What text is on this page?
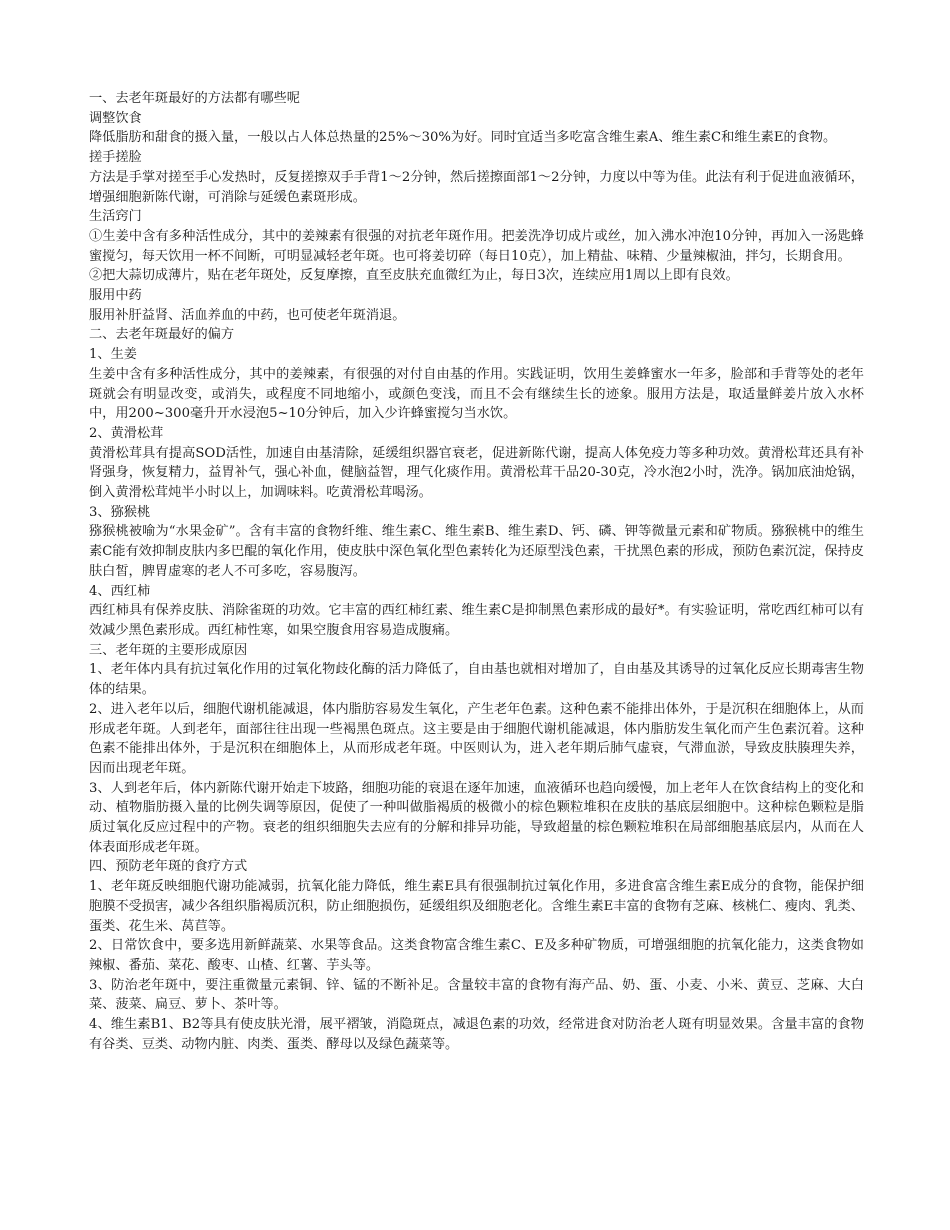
一、去老年斑最好的方法都有哪些呢

调整饮食

降低脂肪和甜食的摄入量，一般以占人体总热量的25%～30%为好。同时宜适当多吃富含维生素A、维生素C和维生素E的食物。

搓手搓脸

方法是手掌对搓至手心发热时，反复搓擦双手手背1～2分钟，然后搓擦面部1～2分钟，力度以中等为佳。此法有利于促进血液循环，增强细胞新陈代谢，可消除与延缓色素斑形成。

生活窍门

①生姜中含有多种活性成分，其中的姜辣素有很强的对抗老年斑作用。把姜洗净切成片或丝，加入沸水冲泡10分钟，再加入一汤匙蜂蜜搅匀，每天饮用一杯不间断，可明显减轻老年斑。也可将姜切碎（每日10克），加上精盐、味精、少量辣椒油，拌匀，长期食用。

②把大蒜切成薄片，贴在老年斑处，反复摩擦，直至皮肤充血微红为止，每日3次，连续应用1周以上即有良效。

服用中药

服用补肝益肾、活血养血的中药，也可使老年斑消退。

二、去老年斑最好的偏方

1、生姜

生姜中含有多种活性成分，其中的姜辣素，有很强的对付自由基的作用。实践证明，饮用生姜蜂蜜水一年多，脸部和手背等处的老年斑就会有明显改变，或消失，或程度不同地缩小，或颜色变浅，而且不会有继续生长的迹象。服用方法是，取适量鲜姜片放入水杯中，用200~300毫升开水浸泡5~10分钟后，加入少许蜂蜜搅匀当水饮。

2、黄滑松茸

黄滑松茸具有提高SOD活性，加速自由基清除，延缓组织器官衰老，促进新陈代谢，提高人体免疫力等多种功效。黄滑松茸还具有补肾强身，恢复精力，益胃补气，强心补血，健脑益智，理气化痰作用。黄滑松茸干品20-30克，冷水泡2小时，洗净。锅加底油炝锅，倒入黄滑松茸炖半小时以上，加调味料。吃黄滑松茸喝汤。

3、猕猴桃

猕猴桃被喻为“水果金矿”。含有丰富的食物纤维、维生素C、维生素B、维生素D、钙、磷、钾等微量元素和矿物质。猕猴桃中的维生素C能有效抑制皮肤内多巴醌的氧化作用，使皮肤中深色氧化型色素转化为还原型浅色素，干扰黑色素的形成，预防色素沉淀，保持皮肤白皙，脾胃虚寒的老人不可多吃，容易腹泻。

4、西红柿

西红柿具有保养皮肤、消除雀斑的功效。它丰富的西红柿红素、维生素C是抑制黑色素形成的最好*。有实验证明，常吃西红柿可以有效减少黑色素形成。西红柿性寒，如果空腹食用容易造成腹痛。

三、老年斑的主要形成原因

1、老年体内具有抗过氧化作用的过氧化物歧化酶的活力降低了，自由基也就相对增加了，自由基及其诱导的过氧化反应长期毒害生物体的结果。

2、进入老年以后，细胞代谢机能减退，体内脂肪容易发生氧化，产生老年色素。这种色素不能排出体外，于是沉积在细胞体上，从而形成老年斑。人到老年，面部往往出现一些褐黑色斑点。这主要是由于细胞代谢机能减退，体内脂肪发生氧化而产生色素沉着。这种色素不能排出体外，于是沉积在细胞体上，从而形成老年斑。中医则认为，进入老年期后肺气虚衰，气滞血淤，导致皮肤腠理失养，因而出现老年斑。

3、人到老年后，体内新陈代谢开始走下坡路，细胞功能的衰退在逐年加速，血液循环也趋向缓慢，加上老年人在饮食结构上的变化和动、植物脂肪摄入量的比例失调等原因，促使了一种叫做脂褐质的极微小的棕色颗粒堆积在皮肤的基底层细胞中。这种棕色颗粒是脂质过氧化反应过程中的产物。衰老的组织细胞失去应有的分解和排异功能，导致超量的棕色颗粒堆积在局部细胞基底层内，从而在人体表面形成老年斑。

四、预防老年斑的食疗方式

1、老年斑反映细胞代谢功能减弱，抗氧化能力降低，维生素E具有很强制抗过氧化作用，多进食富含维生素E成分的食物，能保护细胞膜不受损害，减少各组织脂褐质沉积，防止细胞损伤，延缓组织及细胞老化。含维生素E丰富的食物有芝麻、核桃仁、瘦肉、乳类、蛋类、花生米、莴苣等。

2、日常饮食中，要多选用新鲜蔬菜、水果等食品。这类食物富含维生素C、E及多种矿物质，可增强细胞的抗氧化能力，这类食物如辣椒、番茄、菜花、酸枣、山楂、红薯、芋头等。

3、防治老年斑中，要注重微量元素铜、锌、锰的不断补足。含量较丰富的食物有海产品、奶、蛋、小麦、小米、黄豆、芝麻、大白菜、菠菜、扁豆、萝卜、茶叶等。

4、维生素B1、B2等具有使皮肤光滑，展平褶皱，消隐斑点，减退色素的功效，经常进食对防治老人斑有明显效果。含量丰富的食物有谷类、豆类、动物内脏、肉类、蛋类、酵母以及绿色蔬菜等。
